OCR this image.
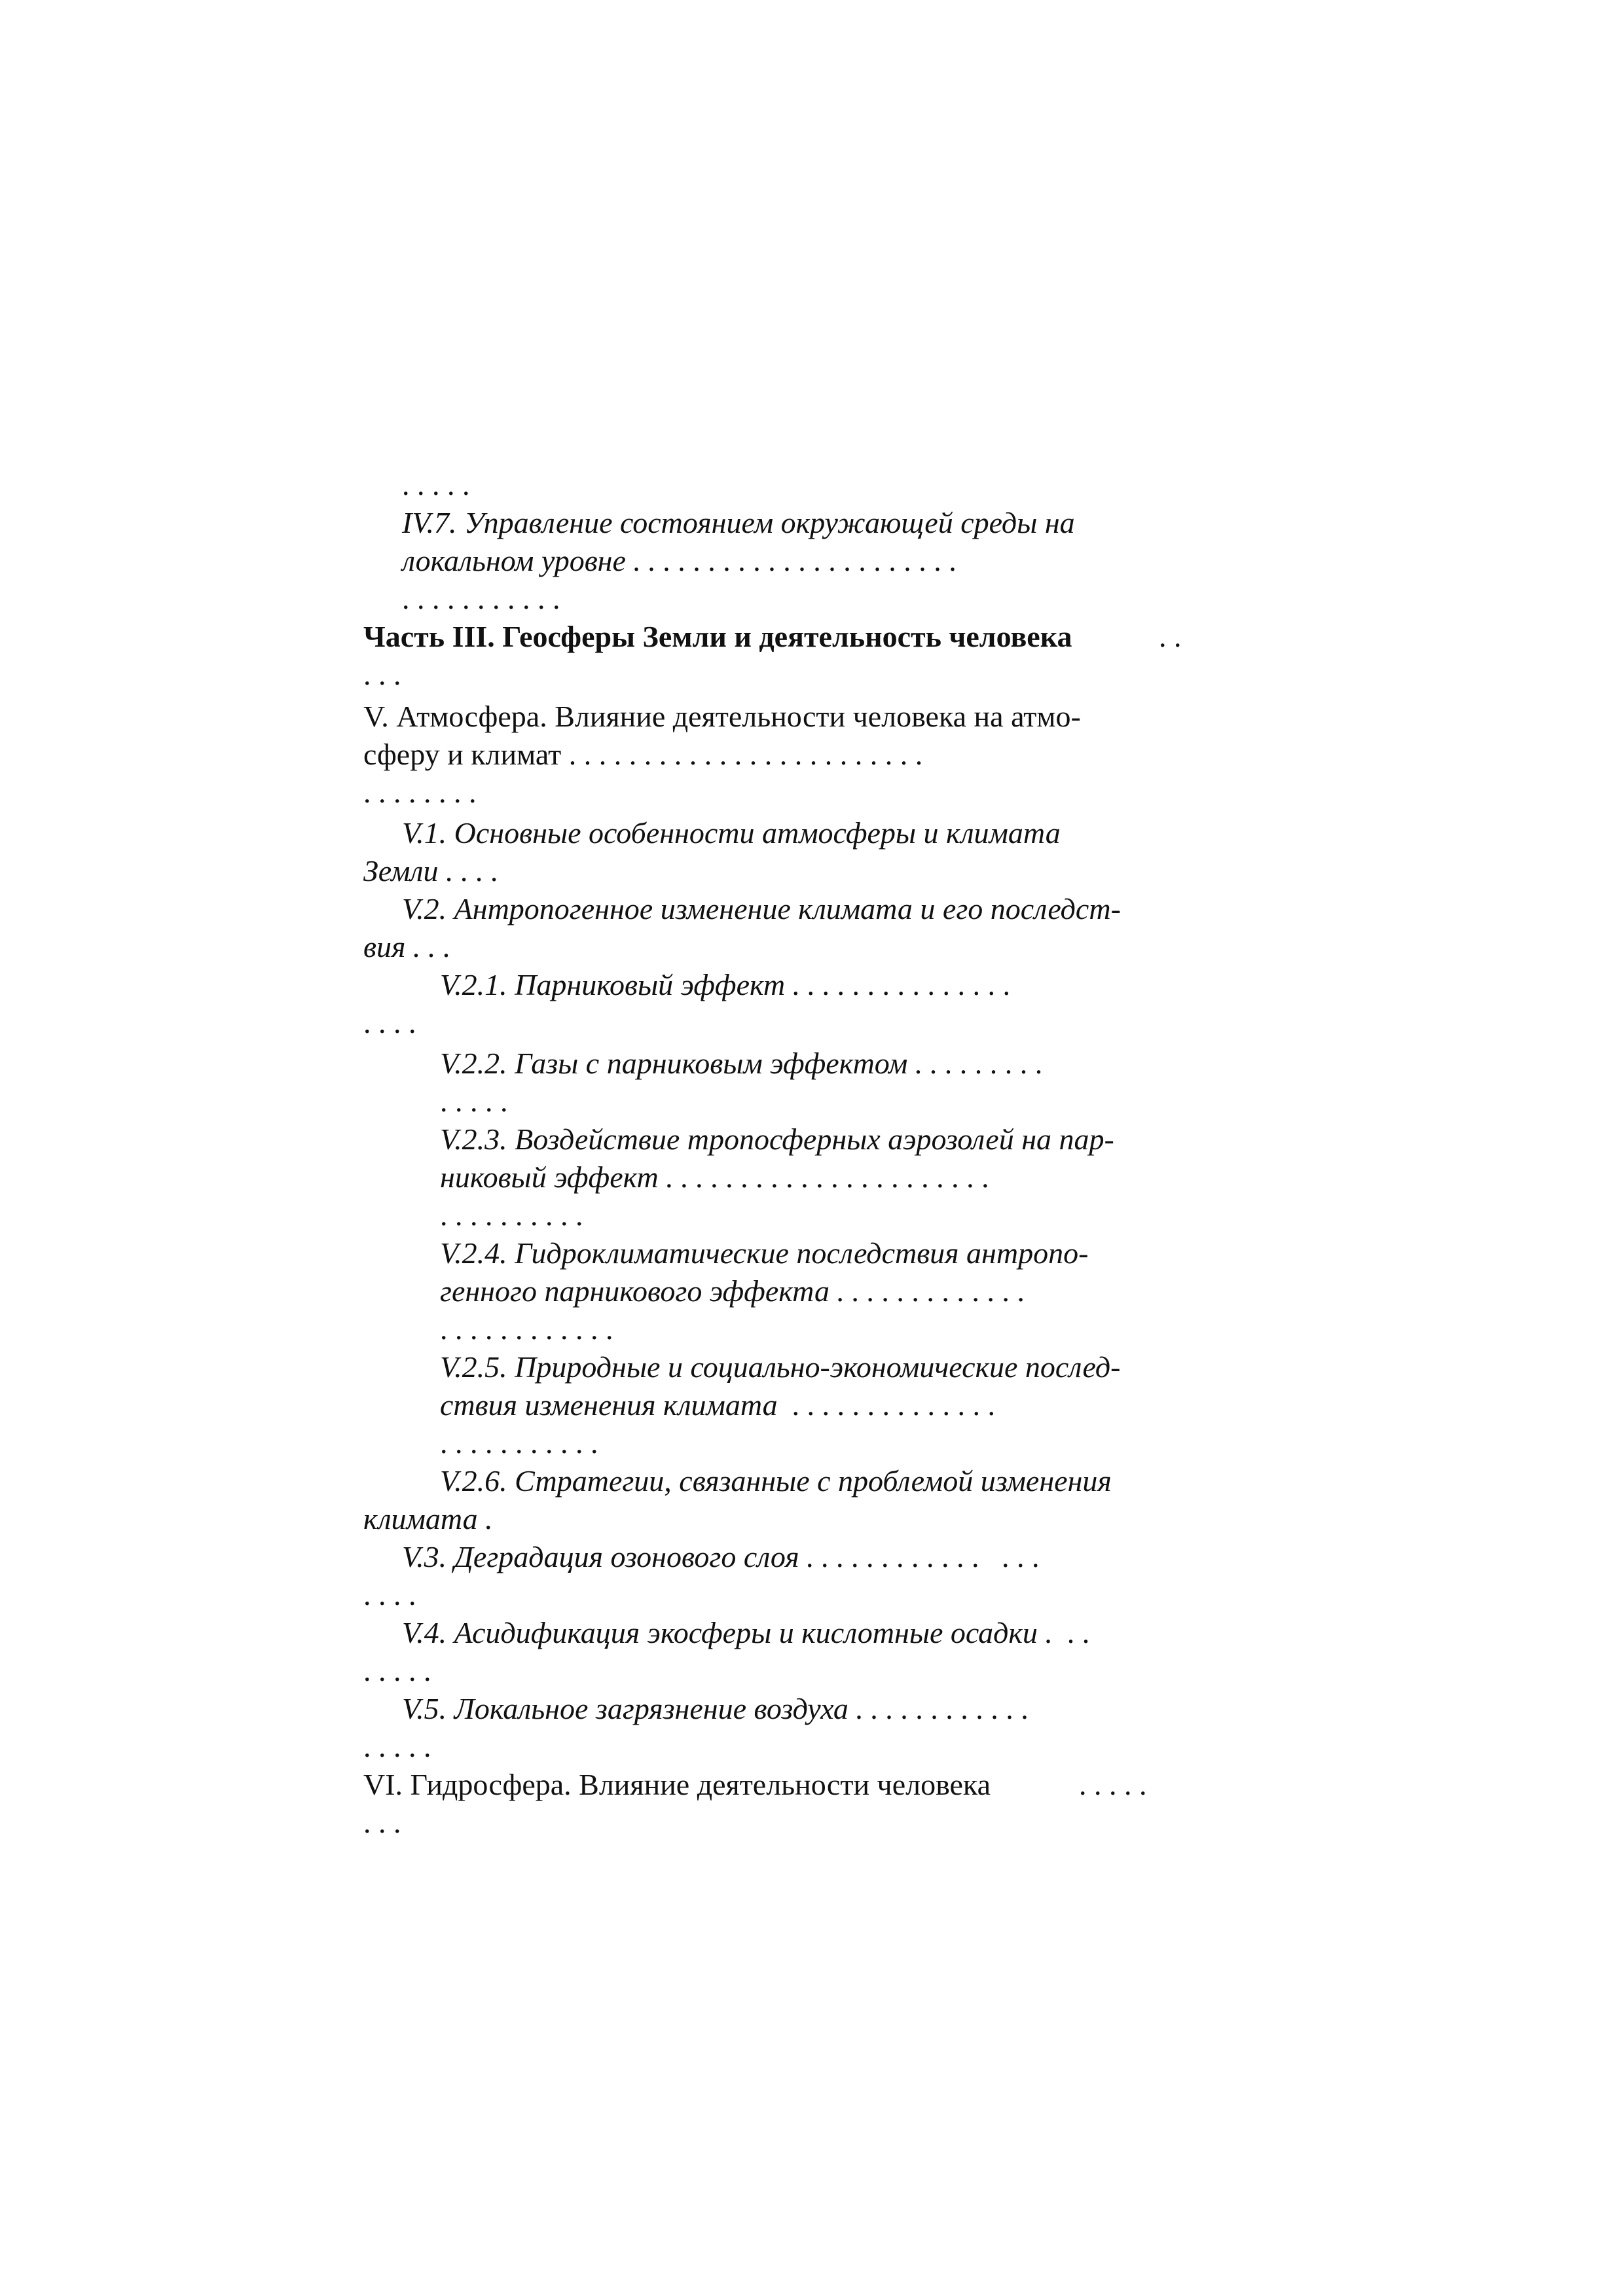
. . . . .
IV.7. Управление состоянием окружающей среды на
локальном уровне . . . . . . . . . . . . . . . . . . . . . .
. . . . . . . . . . .
Часть III. Геосферы Земли и деятельность человека	. .
. . .
V. Атмосфера. Влияние деятельности человека на атмо-
сферу и климат . . . . . . . . . . . . . . . . . . . . . . . .
. . . . . . . .
V.1. Основные особенности атмосферы и климата
Земли . . . .
V.2. Антропогенное изменение климата и его последст-
вия . . .
V.2.1. Парниковый эффект . . . . . . . . . . . . . . .
. . . .
V.2.2. Газы с парниковым эффектом . . . . . . . . .
. . . . .
V.2.3. Воздействие тропосферных аэрозолей на пар-
никовый эффект . . . . . . . . . . . . . . . . . . . . . .
. . . . . . . . . .
V.2.4. Гидроклиматические последствия антропо-
генного парникового эффекта . . . . . . . . . . . . .
. . . . . . . . . . . .
V.2.5. Природные и социально-экономические послед-
ствия изменения климата  . . . . . . . . . . . . . .
. . . . . . . . . . .
V.2.6. Стратегии, связанные с проблемой изменения
климата .
V.3. Деградация озонового слоя . . . . . . . . . . . .   . . .
. . . .
V.4. Асидификация экосферы и кислотные осадки .  . .
. . . . .
V.5. Локальное загрязнение воздуха . . . . . . . . . . . .
. . . . .
VI. Гидросфера. Влияние деятельности человека	. . . . .
. . .
